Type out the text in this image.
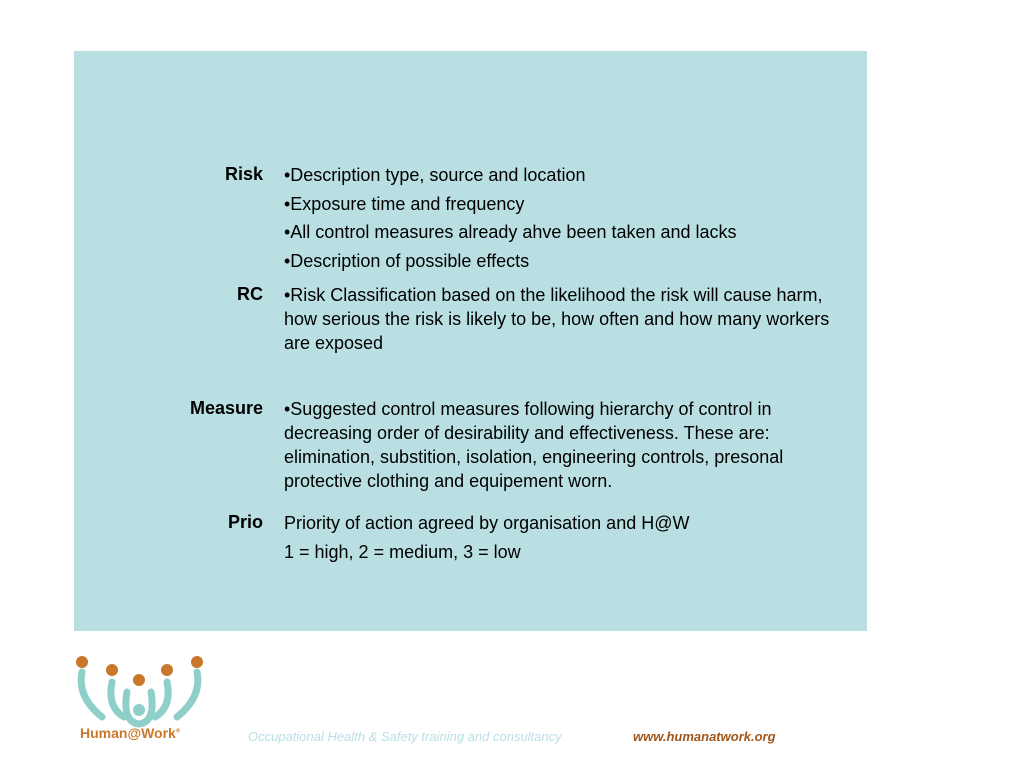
Risk •Description type, source and location
•Exposure time and frequency
•All control measures already ahve been taken and lacks
•Description of possible effects
RC •Risk Classification based on the likelihood the risk will cause harm, how serious the risk is likely to be, how often and how many workers are exposed
Measure •Suggested control measures following hierarchy of control in decreasing order of desirability and effectiveness. These are: elimination, substition, isolation, engineering controls, presonal protective clothing and equipement worn.
Prio Priority of action agreed by organisation and H@W
1 = high, 2 = medium, 3 = low
Human@Work®	Occupational Health & Safety training and consultancy	www.humanatwork.org
